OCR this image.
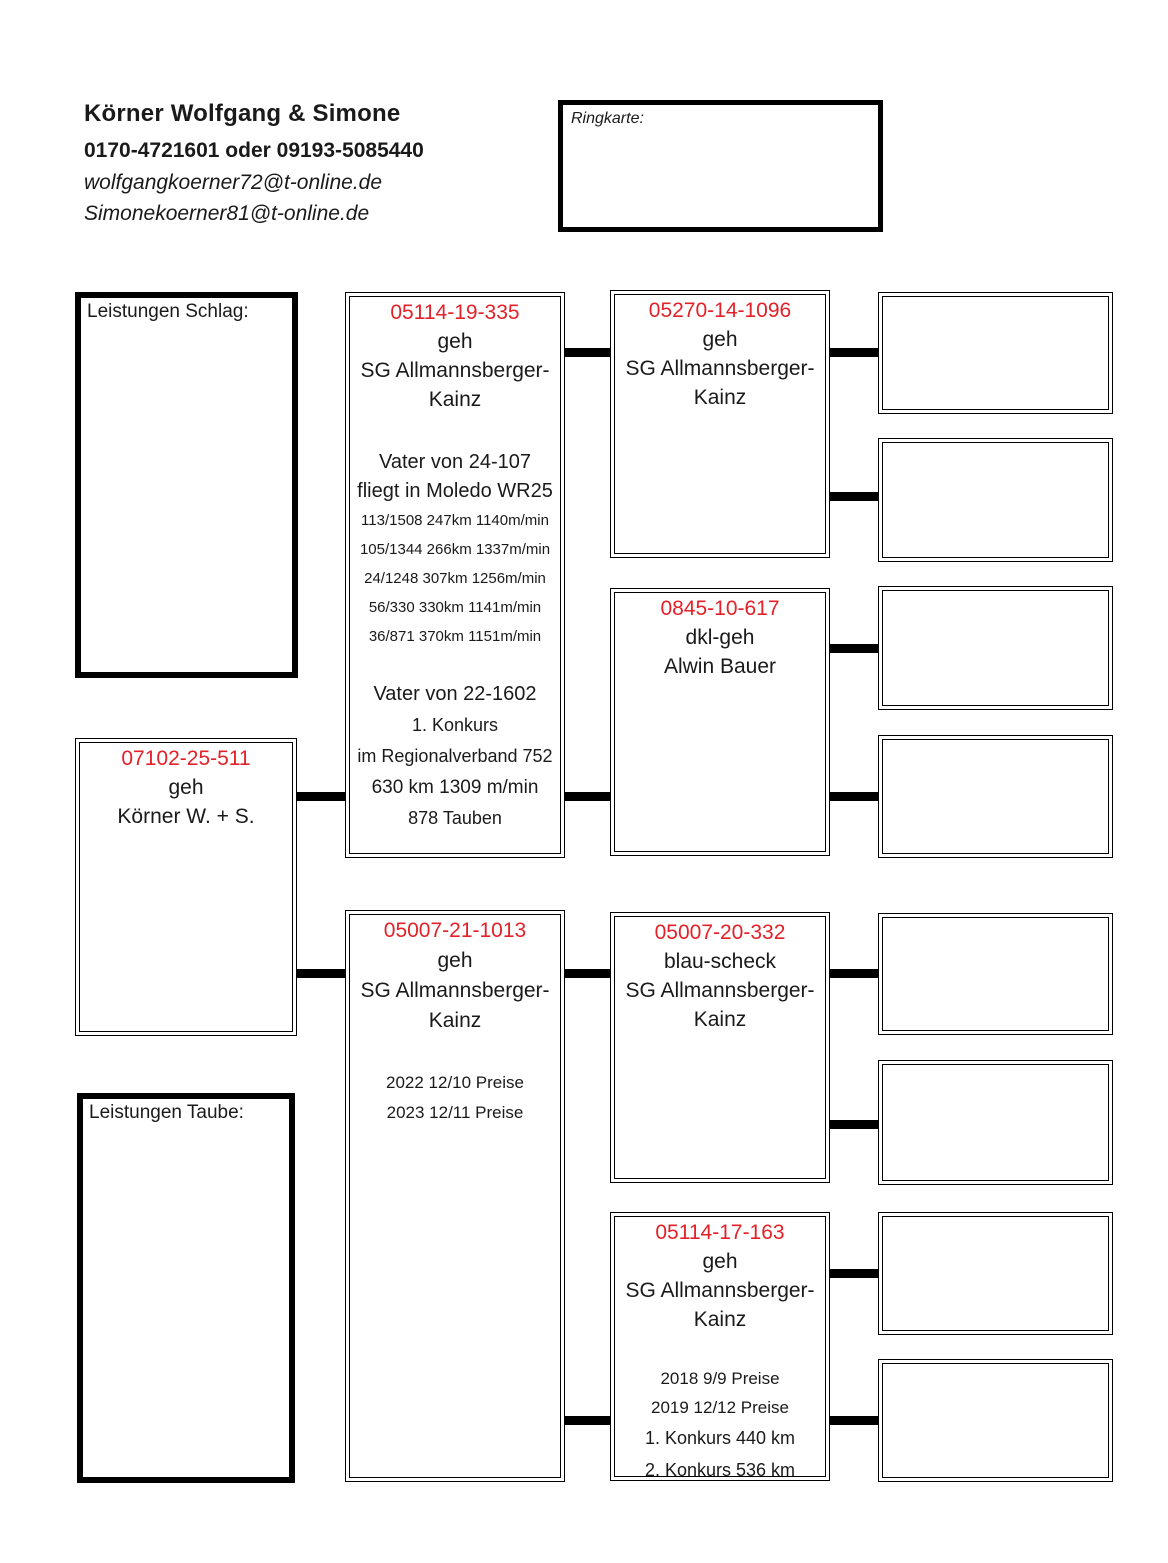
Körner Wolfgang & Simone
0170-4721601 oder 09193-5085440
wolfgangkoerner72@t-online.de
Simonekoerner81@t-online.de
Ringkarte:
Leistungen Schlag:
07102-25-511
geh
Körner W. + S.
Leistungen Taube:
05114-19-335
geh
SG Allmannsberger-
Kainz
Vater von 24-107
fliegt in Moledo WR25
113/1508 247km 1140m/min
105/1344 266km 1337m/min
24/1248 307km 1256m/min
56/330 330km 1141m/min
36/871 370km 1151m/min
Vater von 22-1602
1. Konkurs
im Regionalverband 752
630 km 1309 m/min
878 Tauben
05007-21-1013
geh
SG Allmannsberger-
Kainz
2022 12/10 Preise
2023 12/11 Preise
05270-14-1096
geh
SG Allmannsberger-
Kainz
0845-10-617
dkl-geh
Alwin Bauer
05007-20-332
blau-scheck
SG Allmannsberger-
Kainz
05114-17-163
geh
SG Allmannsberger-
Kainz
2018 9/9 Preise
2019 12/12 Preise
1. Konkurs 440 km
2. Konkurs 536 km
